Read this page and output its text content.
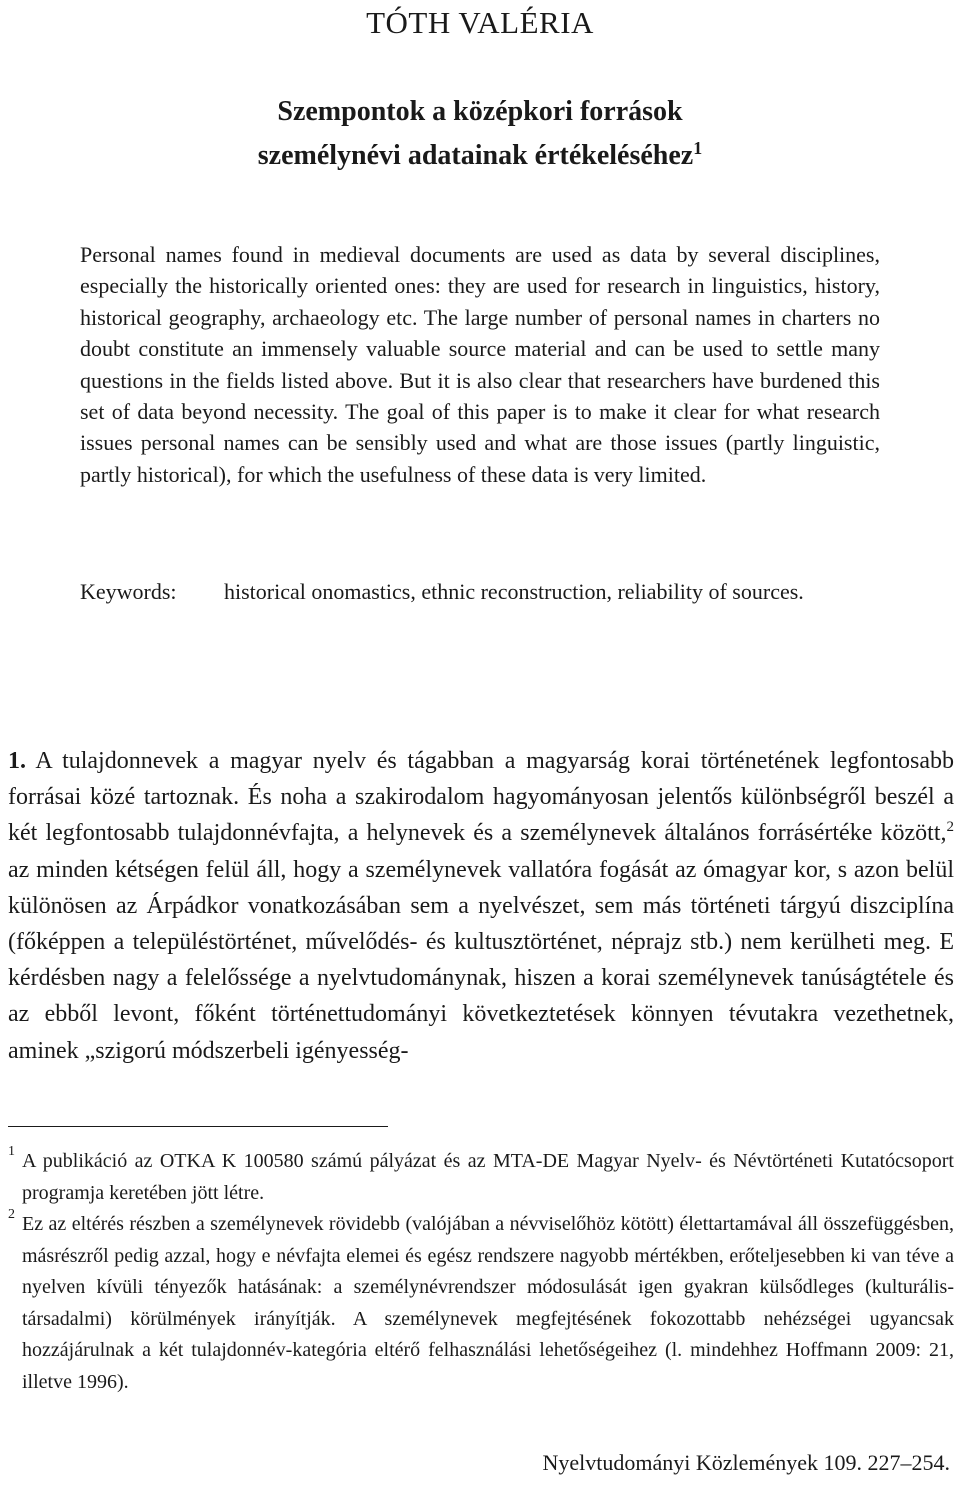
TÓTH VALÉRIA
Szempontok a középkori források
személynévi adatainak értékeléséhez$^1$

Personal names found in medieval documents are used as data by several disciplines, especially the historically oriented ones: they are used for research in linguistics, history, historical geography, archaeology etc. The large number of personal names in charters no doubt constitute an immensely valuable source material and can be used to settle many questions in the fields listed above. But it is also clear that researchers have burdened this set of data beyond necessity. The goal of this paper is to make it clear for what research issues personal names can be sensibly used and what are those issues (partly linguistic, partly historical), for which the usefulness of these data is very limited.

Keywords:	historical onomastics, ethnic reconstruction, reliability of sources.

1. A tulajdonnevek a magyar nyelv és tágabban a magyarság korai történetének legfontosabb forrásai közé tartoznak. És noha a szakirodalom hagyományosan jelentős különbségről beszél a két legfontosabb tulajdonnévfajta, a helynevek és a személynevek általános forrásértéke között,$^2$ az minden kétségen felül áll, hogy a személynevek vallatóra fogását az ómagyar kor, s azon belül különösen az Árpádkor vonatkozásában sem a nyelvészet, sem más történeti tárgyú diszciplína (főképpen a településtörténet, művelődés- és kultusztörténet, néprajz stb.) nem kerülheti meg. E kérdésben nagy a felelőssége a nyelvtudománynak, hiszen a korai személynevek tanúságtétele és az ebből levont, főként történettudományi következtetések könnyen tévutakra vezethetnek, aminek „szigorú módszerbeli igényesség-

1 A publikáció az OTKA K 100580 számú pályázat és az MTA-DE Magyar Nyelv- és Névtörténeti Kutatócsoport programja keretében jött létre.

2 Ez az eltérés részben a személynevek rövidebb (valójában a névviselőhöz kötött) élettartamával áll összefüggésben, másrészről pedig azzal, hogy e névfajta elemei és egész rendszere nagyobb mértékben, erőteljesebben ki van téve a nyelven kívüli tényezők hatásának: a személynévrendszer módosulását igen gyakran külsődleges (kulturális-társadalmi) körülmények irányítják. A személynevek megfejtésének fokozottabb nehézségei ugyancsak hozzájárulnak a két tulajdonnév-kategória eltérő felhasználási lehetőségeihez (l. mindehhez Hoffmann 2009: 21, illetve 1996).

Nyelvtudományi Közlemények 109. 227–254.
